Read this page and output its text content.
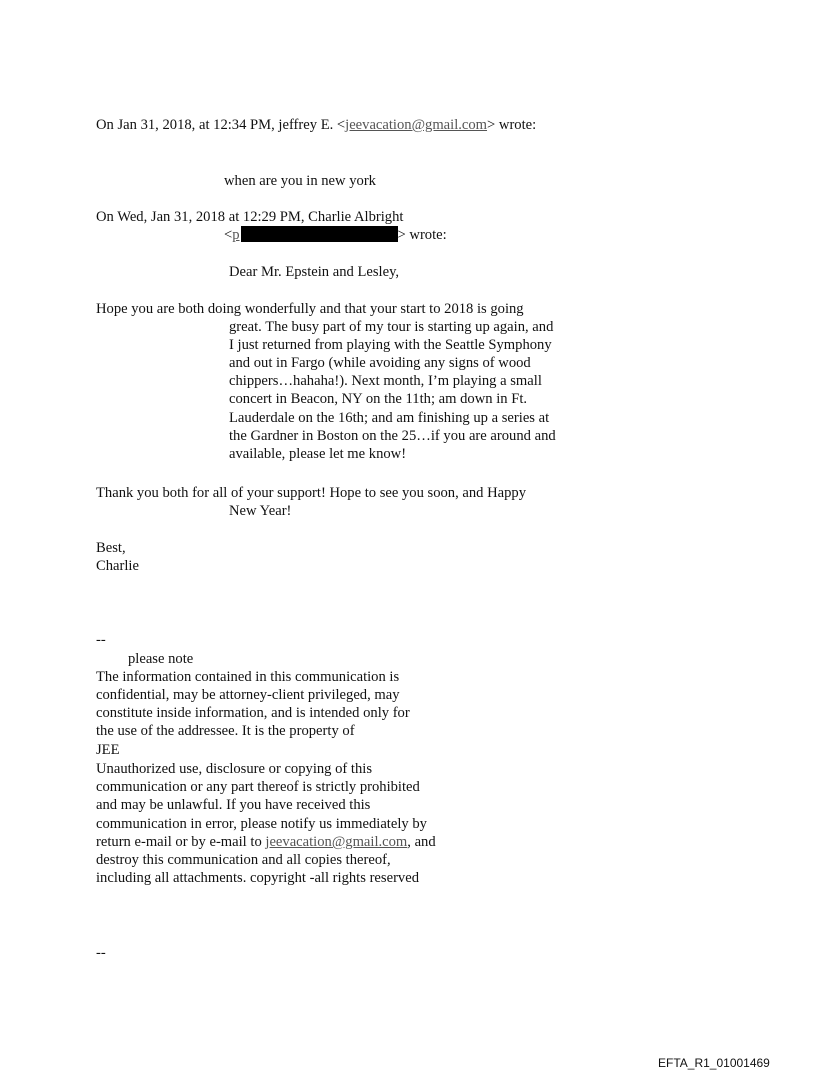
On Jan 31, 2018, at 12:34 PM, jeffrey E. <jeevacation@gmail.com> wrote:
when are you in new york
On Wed, Jan 31, 2018 at 12:29 PM, Charlie Albright
<p	> wrote:
Dear Mr. Epstein and Lesley,
Hope you are both doing wonderfully and that your start to 2018 is going
great. The busy part of my tour is starting up again, and
I just returned from playing with the Seattle Symphony
and out in Fargo (while avoiding any signs of wood
chippers…hahaha!). Next month, I’m playing a small
concert in Beacon, NY on the 11th; am down in Ft.
Lauderdale on the 16th; and am finishing up a series at
the Gardner in Boston on the 25…if you are around and
available, please let me know!
Thank you both for all of your support! Hope to see you soon, and Happy
New Year!
Best,
Charlie
--
please note
The information contained in this communication is
confidential, may be attorney-client privileged, may
constitute inside information, and is intended only for
the use of the addressee. It is the property of
JEE
Unauthorized use, disclosure or copying of this
communication or any part thereof is strictly prohibited
and may be unlawful. If you have received this
communication in error, please notify us immediately by
return e-mail or by e-mail to jeevacation@gmail.com, and
destroy this communication and all copies thereof,
including all attachments. copyright -all rights reserved
--
EFTA_R1_01001469
